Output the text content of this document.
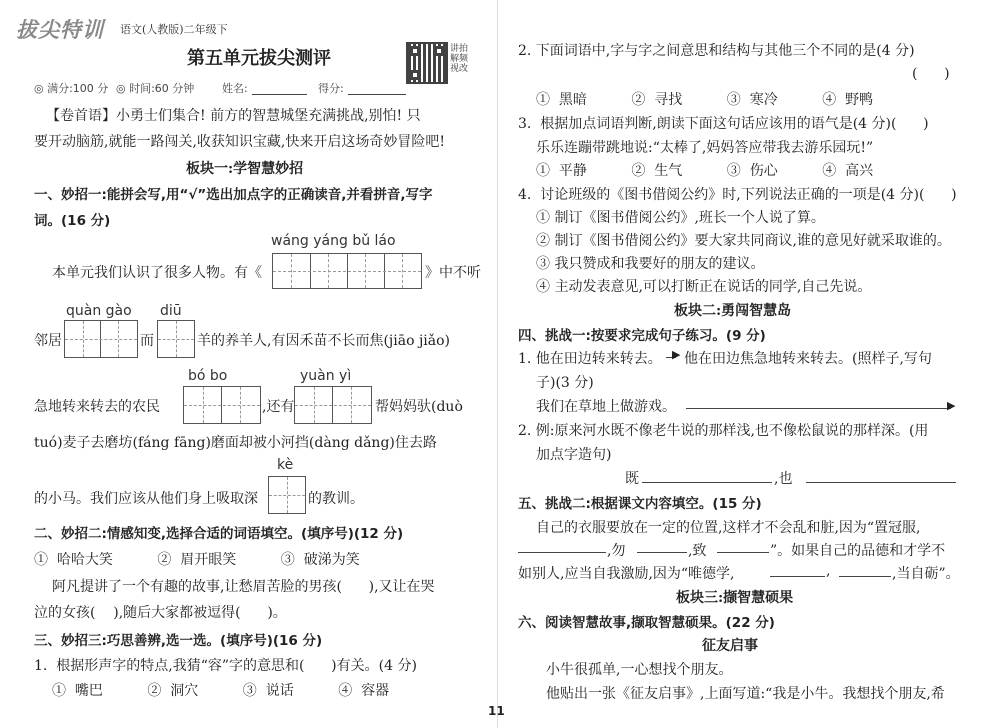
拔尖特训 语文(人教版)二年级下
第五单元拔尖测评	讲拍解频视改
◎ 满分:100 分 ◎ 时间:60 分钟	姓名:	得分:
【卷首语】小勇士们集合! 前方的智慧城堡充满挑战,别怕! 只
要开动脑筋,就能一路闯关,收获知识宝藏,快来开启这场奇妙冒险吧!
板块一:学智慧妙招
一、妙招一:能拼会写,用“√”选出加点字的正确读音,并看拼音,写字
词。(16 分)
wáng yáng bǔ láo
本单元我们认识了很多人物。有《	》中不听
quàn gào diū
邻居	而	羊的养羊人,有因禾苗不长而焦(jiāo jiǎo)
bó bo	yuàn yì
急地转来转去的农民	,还有	帮妈妈驮(duò
tuó)麦子去磨坊(fáng fāng)磨面却被小河挡(dàng dǎng)住去路
kè
的小马。我们应该从他们身上吸取深	的教训。
二、妙招二:情感知变,选择合适的词语填空。(填序号)(12 分)
①  哈哈大笑          ②  眉开眼笑          ③  破涕为笑
阿凡提讲了一个有趣的故事,让愁眉苦脸的男孩(      ),又让在哭
泣的女孩(    ),随后大家都被逗得(      )。
三、妙招三:巧思善辨,选一选。(填序号)(16 分)
1.  根据形声字的特点,我猜“容”字的意思和(      )有关。(4 分)
①  嘴巴          ②  洞穴          ③  说话          ④  容器
2. 下面词语中,字与字之间意思和结构与其他三个不同的是(4 分)
(      )
①  黑暗          ②  寻找          ③  寒冷          ④  野鸭
3.  根据加点词语判断,朗读下面这句话应该用的语气是(4 分)(      )
乐乐连蹦带跳地说:“太棒了,妈妈答应带我去游乐园玩!”
①  平静          ②  生气          ③  伤心          ④  高兴
4.  讨论班级的《图书借阅公约》时,下列说法正确的一项是(4 分)(      )
① 制订《图书借阅公约》,班长一个人说了算。
② 制订《图书借阅公约》要大家共同商议,谁的意见好就采取谁的。
③ 我只赞成和我要好的朋友的建议。
④ 主动发表意见,可以打断正在说话的同学,自己先说。
板块二:勇闯智慧岛
四、挑战一:按要求完成句子练习。(9 分)
1. 他在田边转来转去。 ▶ 他在田边焦急地转来转去。(照样子,写句
子)(3 分)
我们在草地上做游戏。	▶
2. 例:原来河水既不像老牛说的那样浅,也不像松鼠说的那样深。(用
加点字造句)
既	,也
五、挑战二:根据课文内容填空。(15 分)
自己的衣服要放在一定的位置,这样才不会乱和脏,因为“置冠服,
,勿	,致	”。如果自己的品德和才学不
如别人,应当自我激励,因为“唯德学,	,	,当自砺”。
板块三:撷智慧硕果
六、阅读智慧故事,撷取智慧硕果。(22 分)
征友启事
小牛很孤单,一心想找个朋友。
他贴出一张《征友启事》,上面写道:“我是小牛。我想找个朋友,希
11
